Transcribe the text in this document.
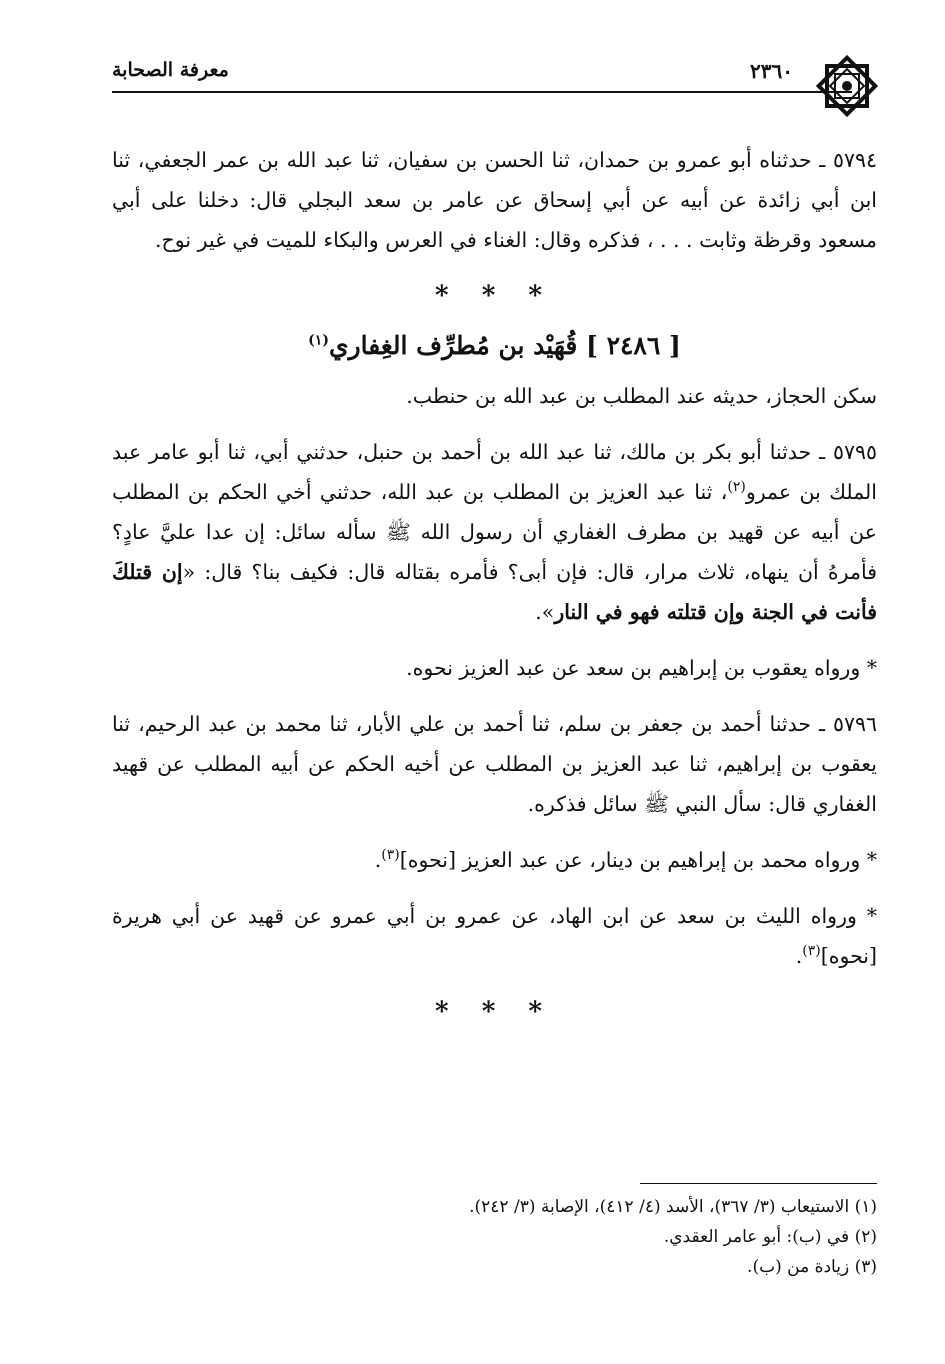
معرفة الصحابة	٢٣٦٠

٥٧٩٤ ـ حدثناه أبو عمرو بن حمدان، ثنا الحسن بن سفيان، ثنا عبد الله بن عمر الجعفي، ثنا ابن أبي زائدة عن أبيه عن أبي إسحاق عن عامر بن سعد البجلي قال: دخلنا على أبي مسعود وقرظة وثابت . . . ، فذكره وقال: الغناء في العرس والبكاء للميت في غير نوح.

* * *
[ ٢٤٨٦ ] قُهَيْد بن مُطرِّف الغِفاري$^{(١)}$

سكن الحجاز، حديثه عند المطلب بن عبد الله بن حنطب.

٥٧٩٥ ـ حدثنا أبو بكر بن مالك، ثنا عبد الله بن أحمد بن حنبل، حدثني أبي، ثنا أبو عامر عبد الملك بن عمرو$^{(٢)}$، ثنا عبد العزيز بن المطلب بن عبد الله، حدثني أخي الحكم بن المطلب عن أبيه عن قهيد بن مطرف الغفاري أن رسول الله ﷺ سأله سائل: إن عدا عليَّ عادٍ؟ فأمرهُ أن ينهاه، ثلاث مرار، قال: فإن أبى؟ فأمره بقتاله قال: فكيف بنا؟ قال: «إن قتلكَ فأنت في الجنة وإن قتلته فهو في النار».

* ورواه يعقوب بن إبراهيم بن سعد عن عبد العزيز نحوه.

٥٧٩٦ ـ حدثنا أحمد بن جعفر بن سلم، ثنا أحمد بن علي الأبار، ثنا محمد بن عبد الرحيم، ثنا يعقوب بن إبراهيم، ثنا عبد العزيز بن المطلب عن أخيه الحكم عن أبيه المطلب عن قهيد الغفاري قال: سأل النبي ﷺ سائل فذكره.

* ورواه محمد بن إبراهيم بن دينار، عن عبد العزيز [نحوه]$^{(٣)}$.

* ورواه الليث بن سعد عن ابن الهاد، عن عمرو بن أبي عمرو عن قهيد عن أبي هريرة [نحوه]$^{(٣)}$.

* * *
(١) الاستيعاب (٣/ ٣٦٧)، الأسد (٤/ ٤١٢)، الإصابة (٣/ ٢٤٢).
(٢) في (ب): أبو عامر العقدي.
(٣) زيادة من (ب).
